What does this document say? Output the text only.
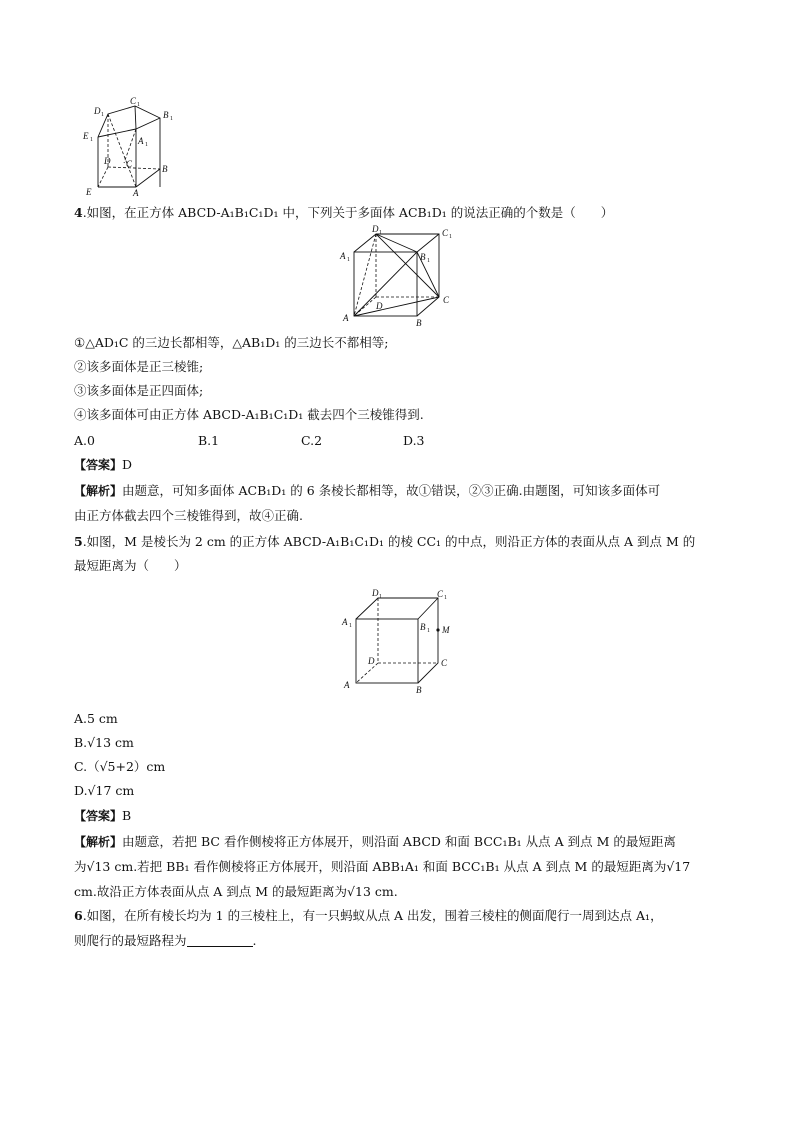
D 1
C 1
B 1
E 1	A 1
D C	B
E	A
4.如图，在正方体 ABCD-A₁B₁C₁D₁ 中，下列关于多面体 ACB₁D₁ 的说法正确的个数是（　　）
D 1	C 1
A 1	B 1
D
C
A	B
①△AD₁C 的三边长都相等，△AB₁D₁ 的三边长不都相等;
②该多面体是正三棱锥;
③该多面体是正四面体;
④该多面体可由正方体 ABCD-A₁B₁C₁D₁ 截去四个三棱锥得到.
A.0	B.1	C.2	D.3
【答案】D
【解析】由题意，可知多面体 ACB₁D₁ 的 6 条棱长都相等，故①错误，②③正确.由题图，可知该多面体可
由正方体截去四个三棱锥得到，故④正确.
5.如图，M 是棱长为 2 cm 的正方体 ABCD-A₁B₁C₁D₁ 的棱 CC₁ 的中点，则沿正方体的表面从点 A 到点 M 的
最短距离为（　　）
D 1	C 1
A 1	B 1 M
D	C
A	B
A.5 cm
B.√13 cm
C.（√5+2）cm
D.√17 cm
【答案】B
【解析】由题意，若把 BC 看作侧棱将正方体展开，则沿面 ABCD 和面 BCC₁B₁ 从点 A 到点 M 的最短距离
为√13 cm.若把 BB₁ 看作侧棱将正方体展开，则沿面 ABB₁A₁ 和面 BCC₁B₁ 从点 A 到点 M 的最短距离为√17
cm.故沿正方体表面从点 A 到点 M 的最短距离为√13 cm.
6.如图，在所有棱长均为 1 的三棱柱上，有一只蚂蚁从点 A 出发，围着三棱柱的侧面爬行一周到达点 A₁，
则爬行的最短路程为	.
